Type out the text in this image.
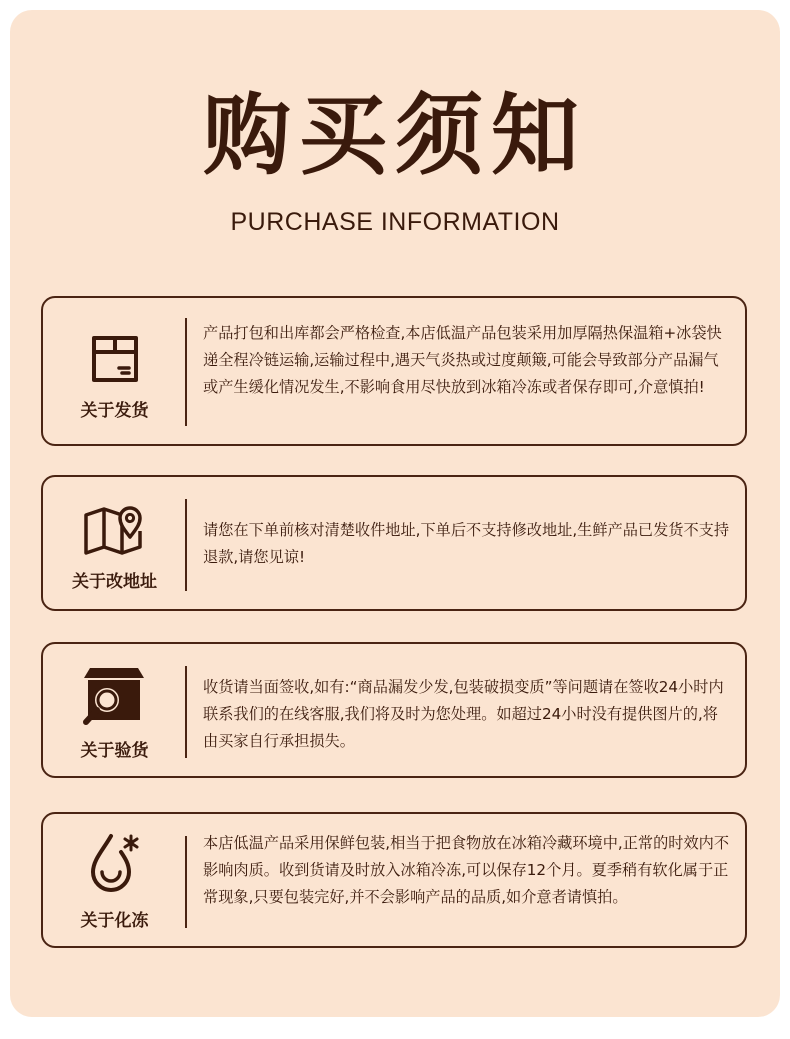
购买须知
PURCHASE INFORMATION
关于发货
产品打包和出库都会严格检查,本店低温产品包装采用加厚隔热保温箱+冰袋快递全程冷链运输,运输过程中,遇天气炎热或过度颠簸,可能会导致部分产品漏气或产生缓化情况发生,不影响食用尽快放到冰箱冷冻或者保存即可,介意慎拍!
关于改地址
请您在下单前核对清楚收件地址,下单后不支持修改地址,生鲜产品已发货不支持退款,请您见谅!
关于验货
收货请当面签收,如有:“商品漏发少发,包装破损变质”等问题请在签收24小时内联系我们的在线客服,我们将及时为您处理。如超过24小时没有提供图片的,将由买家自行承担损失。
关于化冻
本店低温产品采用保鲜包装,相当于把食物放在冰箱冷藏环境中,正常的时效内不影响肉质。收到货请及时放入冰箱冷冻,可以保存12个月。夏季稍有软化属于正常现象,只要包装完好,并不会影响产品的品质,如介意者请慎拍。
